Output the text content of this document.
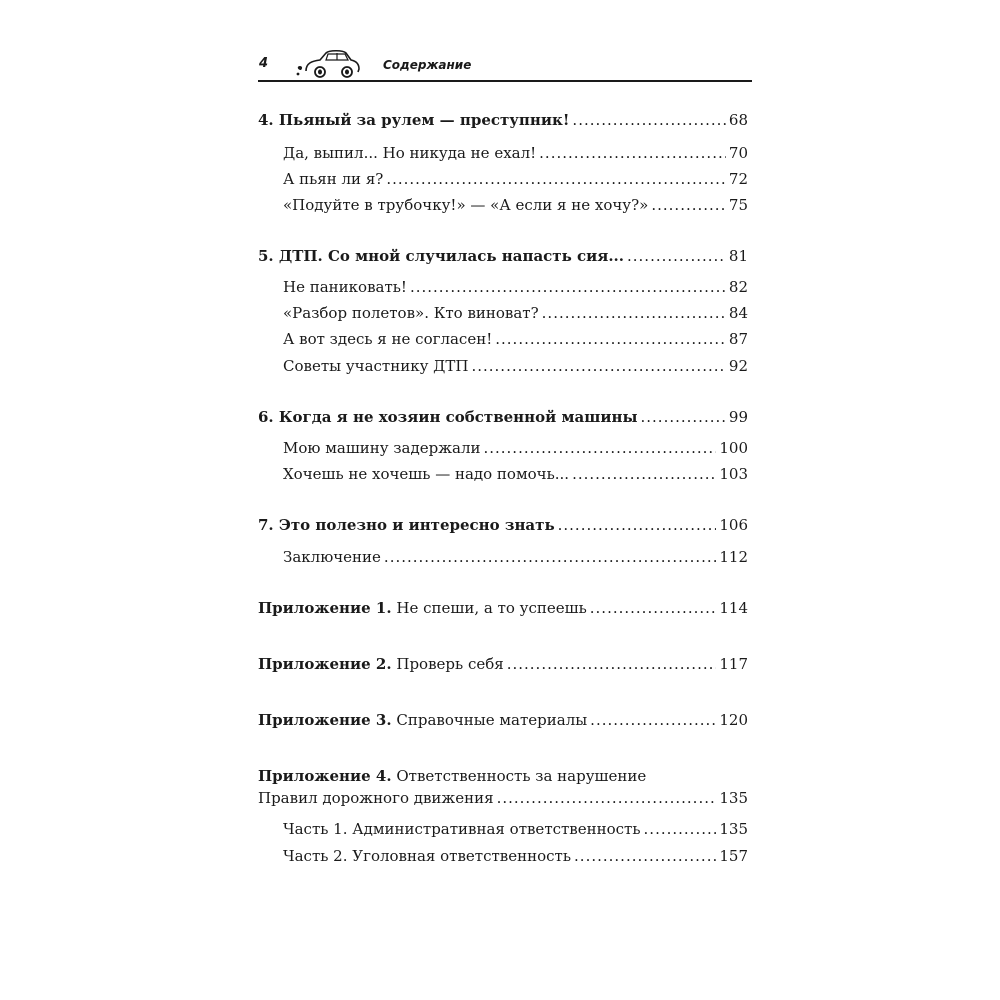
4	Содержание
4. Пьяный за рулем — преступник! .....	68
Да, выпил... Но никуда не ехал! .....	70
А пьян ли я? .....	72
«Подуйте в трубочку!» — «А если я не хочу?» .....	75
5. ДТП. Со мной случилась напасть сия... .....	81
Не паниковать! .....	82
«Разбор полетов». Кто виноват? .....	84
А вот здесь я не согласен! .....	87
Советы участнику ДТП .....	92
6. Когда я не хозяин собственной машины .....	99
Мою машину задержали .....	100
Хочешь не хочешь — надо помочь... .....	103
7. Это полезно и интересно знать .....	106
Заключение .....	112
Приложение 1. Не спеши, а то успеешь .....	114
Приложение 2. Проверь себя .....	117
Приложение 3. Справочные материалы .....	120
Приложение 4. Ответственность за нарушение
Правил дорожного движения .....	135
Часть 1. Административная ответственность .....	135
Часть 2. Уголовная ответственность .....	157
